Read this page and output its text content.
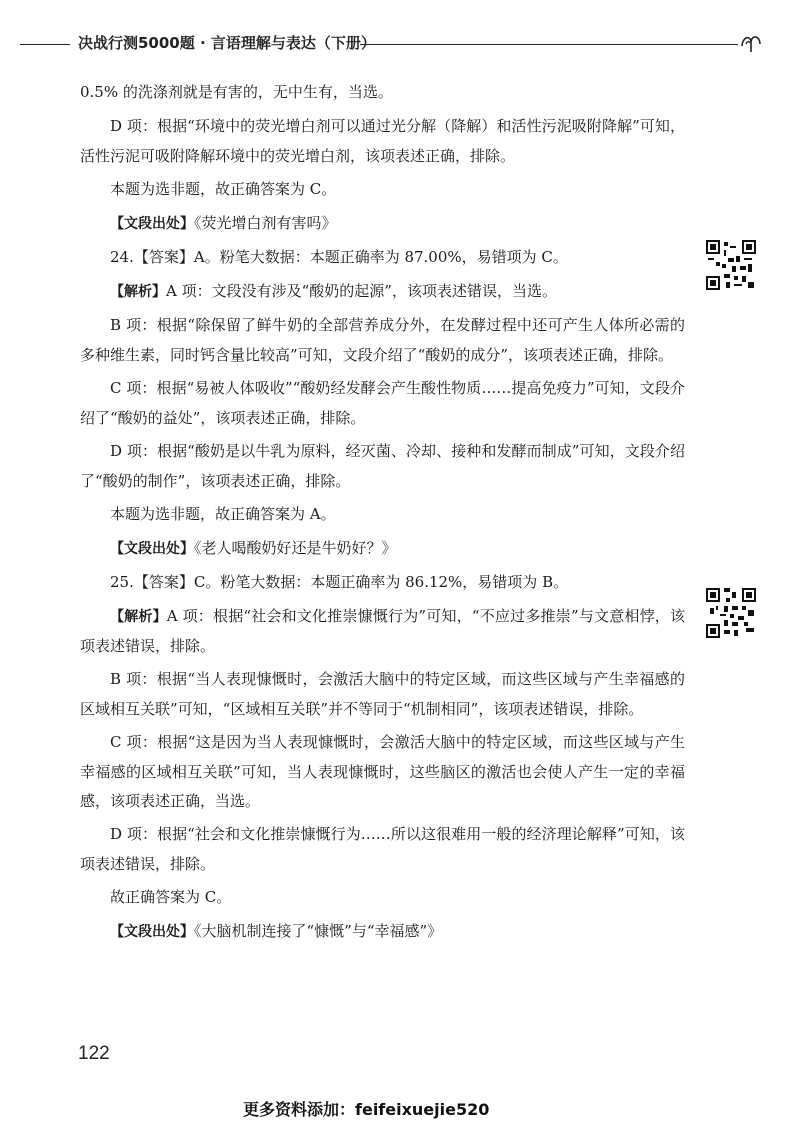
决战行测5000题 · 言语理解与表达（下册）

0.5% 的洗涤剂就是有害的，无中生有，当选。

D 项：根据“环境中的荧光增白剂可以通过光分解（降解）和活性污泥吸附降解”可知，活性污泥可吸附降解环境中的荧光增白剂，该项表述正确，排除。

本题为选非题，故正确答案为 C。

【文段出处】《荧光增白剂有害吗》

24.【答案】A。粉笔大数据：本题正确率为 87.00%，易错项为 C。

【解析】A 项：文段没有涉及“酸奶的起源”，该项表述错误，当选。

B 项：根据“除保留了鲜牛奶的全部营养成分外，在发酵过程中还可产生人体所必需的多种维生素，同时钙含量比较高”可知，文段介绍了“酸奶的成分”，该项表述正确，排除。

C 项：根据“易被人体吸收”“酸奶经发酵会产生酸性物质……提高免疫力”可知，文段介绍了“酸奶的益处”，该项表述正确，排除。

D 项：根据“酸奶是以牛乳为原料，经灭菌、冷却、接种和发酵而制成”可知，文段介绍了“酸奶的制作”，该项表述正确，排除。

本题为选非题，故正确答案为 A。

【文段出处】《老人喝酸奶好还是牛奶好？》

25.【答案】C。粉笔大数据：本题正确率为 86.12%，易错项为 B。

【解析】A 项：根据“社会和文化推崇慷慨行为”可知，“不应过多推崇”与文意相悖，该项表述错误，排除。

B 项：根据“当人表现慷慨时，会激活大脑中的特定区域，而这些区域与产生幸福感的区域相互关联”可知，“区域相互关联”并不等同于“机制相同”，该项表述错误，排除。

C 项：根据“这是因为当人表现慷慨时，会激活大脑中的特定区域，而这些区域与产生幸福感的区域相互关联”可知，当人表现慷慨时，这些脑区的激活也会使人产生一定的幸福感，该项表述正确，当选。

D 项：根据“社会和文化推崇慷慨行为……所以这很难用一般的经济理论解释”可知，该项表述错误，排除。

故正确答案为 C。

【文段出处】《大脑机制连接了“慷慨”与“幸福感”》

122
更多资料添加：feifeixuejie520
